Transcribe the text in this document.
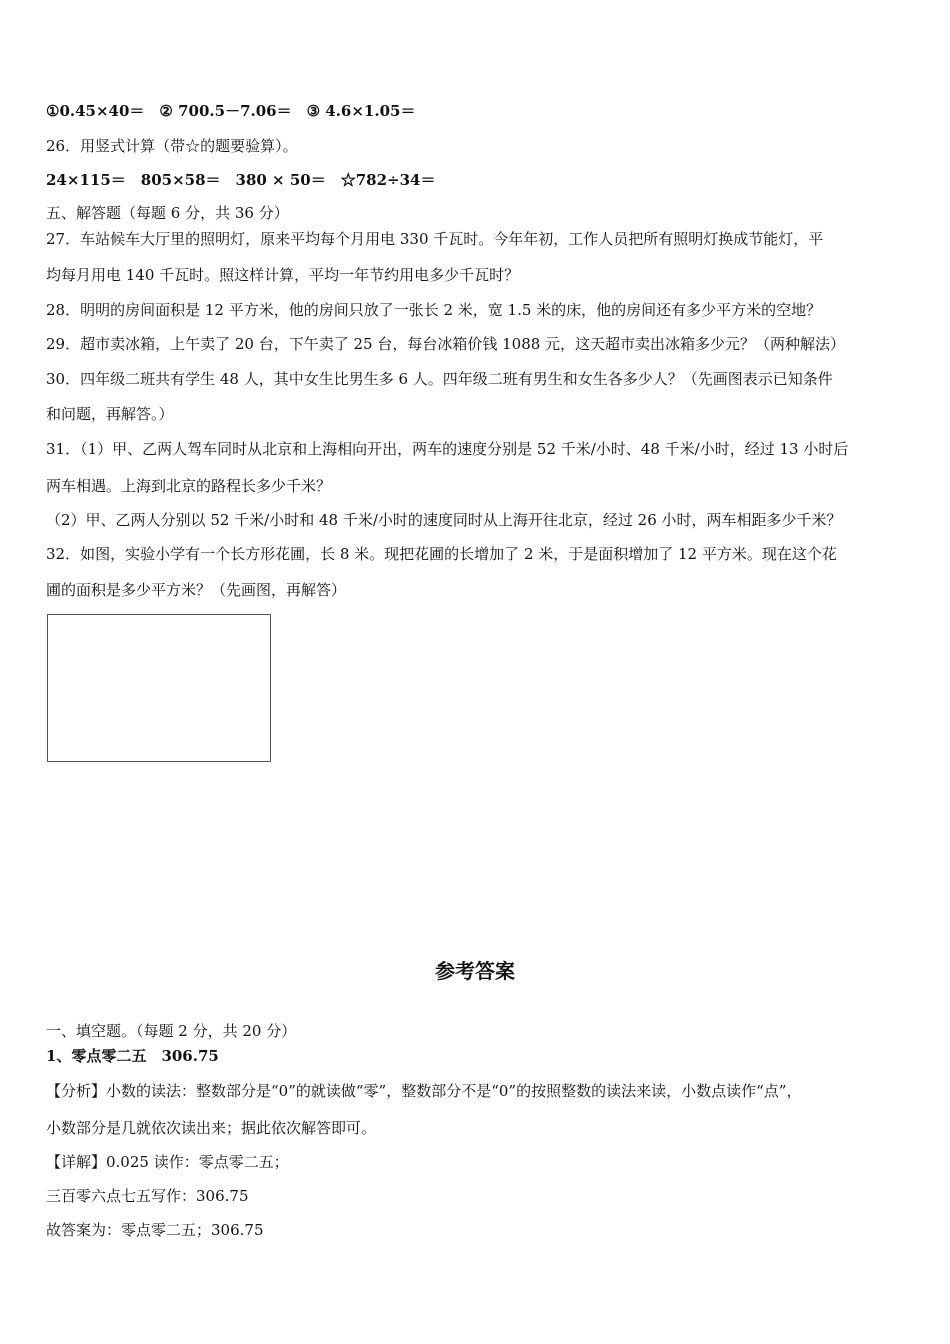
①0.45×40＝　② 700.5－7.06＝　③ 4.6×1.05＝
26．用竖式计算（带☆的题要验算）。
24×115＝　805×58＝　380 × 50＝　☆782÷34＝
五、解答题（每题 6 分，共 36 分）
27．车站候车大厅里的照明灯，原来平均每个月用电 330 千瓦时。今年年初，工作人员把所有照明灯换成节能灯，平
均每月用电 140 千瓦时。照这样计算，平均一年节约用电多少千瓦时？
28．明明的房间面积是 12 平方米，他的房间只放了一张长 2 米，宽 1.5 米的床，他的房间还有多少平方米的空地？
29．超市卖冰箱，上午卖了 20 台，下午卖了 25 台，每台冰箱价钱 1088 元，这天超市卖出冰箱多少元？（两种解法）
30．四年级二班共有学生 48 人，其中女生比男生多 6 人。四年级二班有男生和女生各多少人？（先画图表示已知条件
和问题，再解答。）
31．（1）甲、乙两人驾车同时从北京和上海相向开出，两车的速度分别是 52 千米/小时、48 千米/小时，经过 13 小时后
两车相遇。上海到北京的路程长多少千米？
（2）甲、乙两人分别以 52 千米/小时和 48 千米/小时的速度同时从上海开往北京，经过 26 小时，两车相距多少千米？
32．如图，实验小学有一个长方形花圃，长 8 米。现把花圃的长增加了 2 米，于是面积增加了 12 平方米。现在这个花
圃的面积是多少平方米？（先画图，再解答）
参考答案
一、填空题。（每题 2 分，共 20 分）
1、零点零二五　306.75
【分析】小数的读法：整数部分是“0”的就读做“零”，整数部分不是“0”的按照整数的读法来读，小数点读作“点”，
小数部分是几就依次读出来；据此依次解答即可。
【详解】0.025 读作：零点零二五；
三百零六点七五写作：306.75
故答案为：零点零二五；306.75
